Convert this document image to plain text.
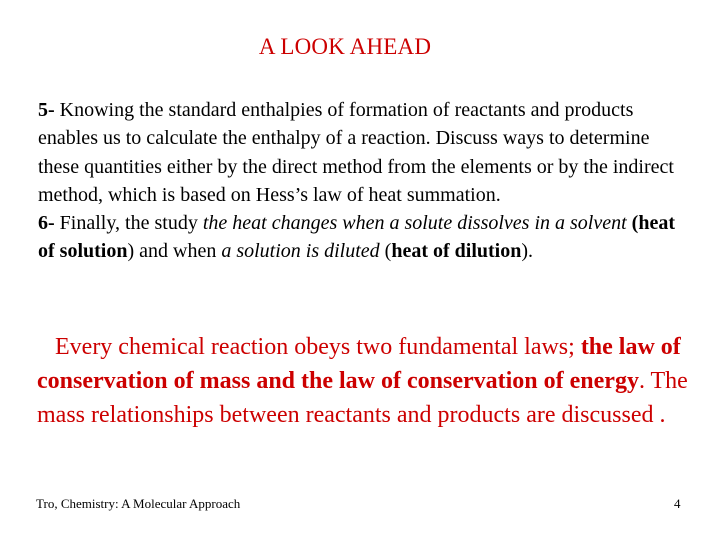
A LOOK AHEAD

5- Knowing the standard enthalpies of formation of reactants and products enables us to calculate the enthalpy of a reaction. Discuss ways to determine these quantities either by the direct method from the elements or by the indirect method, which is based on Hess’s law of heat summation.

6- Finally, the study the heat changes when a solute dissolves in a solvent (heat of solution) and when a solution is diluted (heat of dilution).

Every chemical reaction obeys two fundamental laws; the law of conservation of mass and the law of conservation of energy. The mass relationships between reactants and products are discussed .

Tro, Chemistry: A Molecular Approach	4
